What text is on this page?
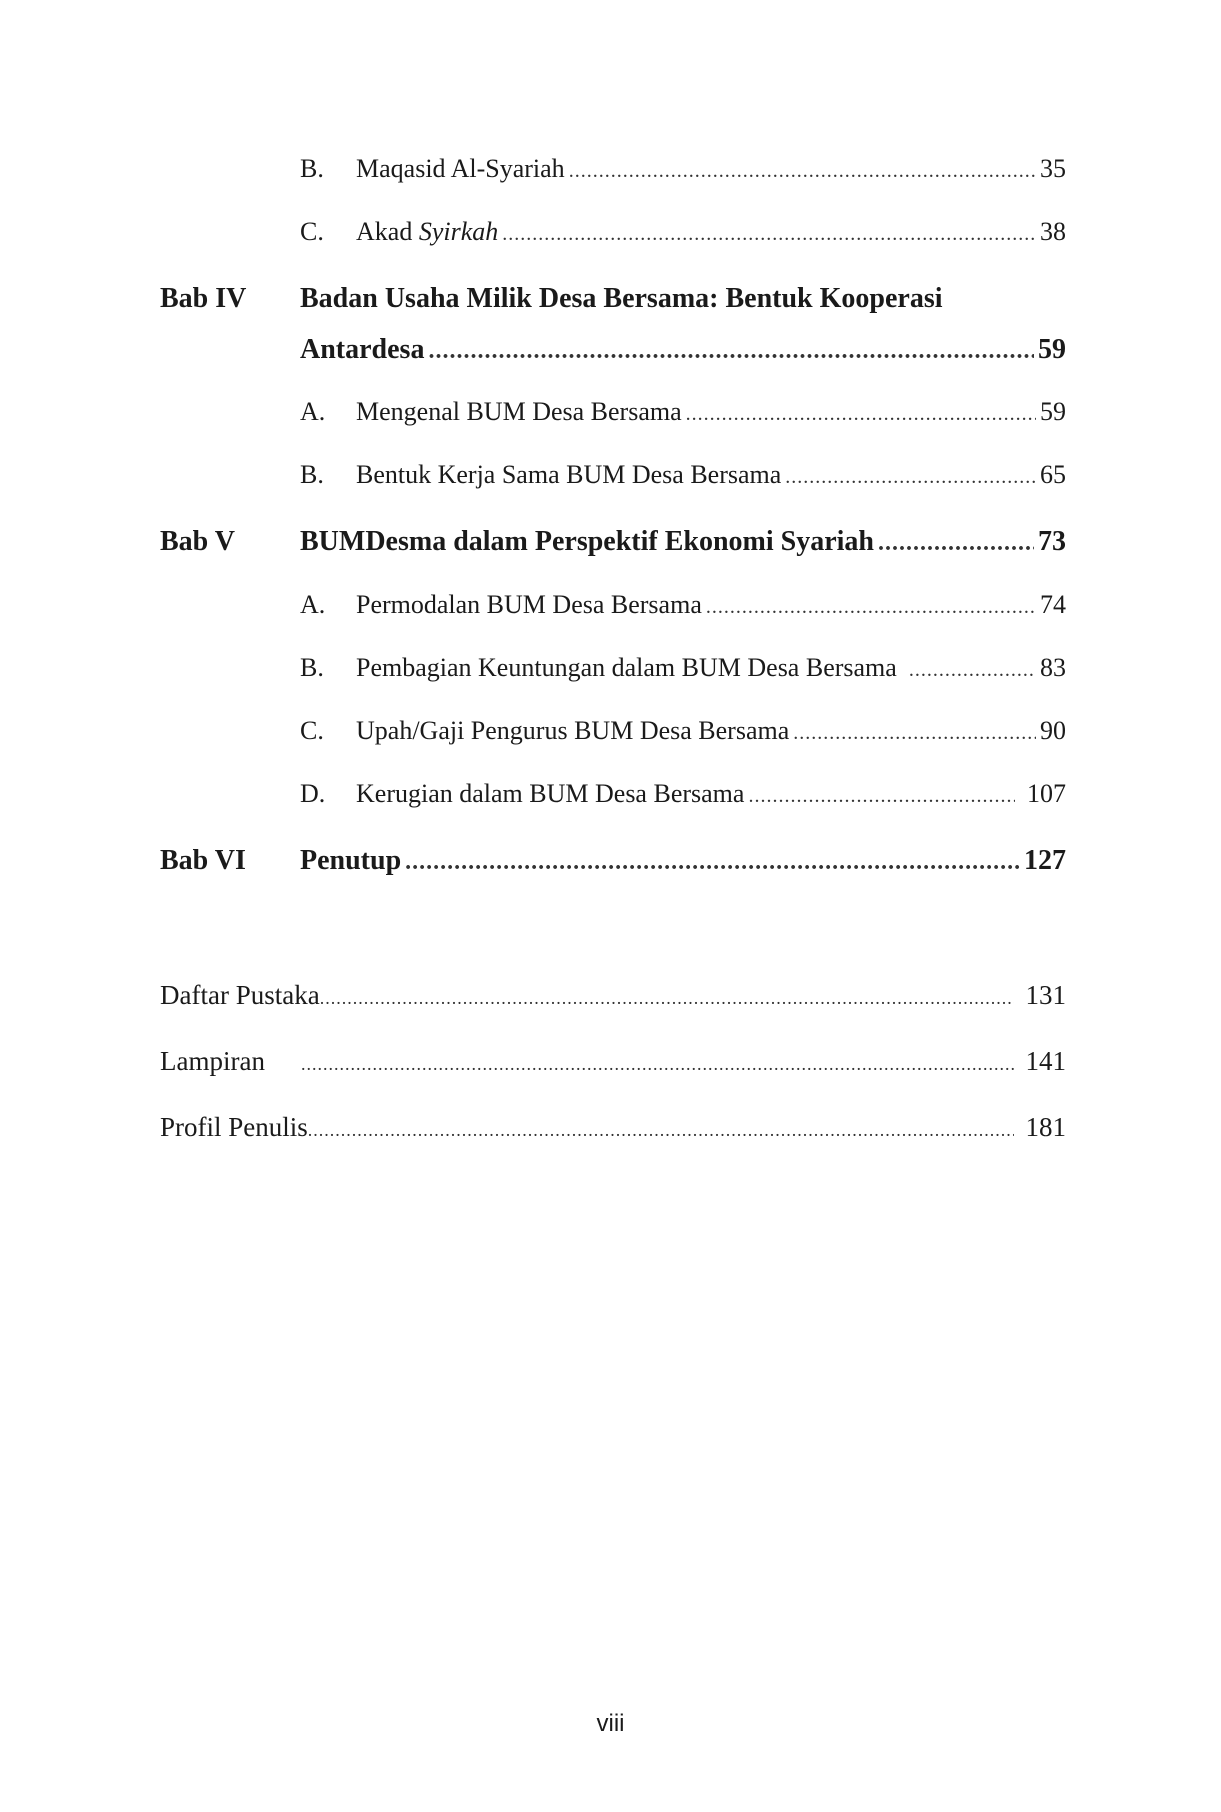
B.	Maqasid Al-Syariah .....	35
C.	Akad Syirkah .....	38
Bab IV Badan Usaha Milik Desa Bersama: Bentuk Kooperasi
Antardesa .....	59
A.	Mengenal BUM Desa Bersama .....	59
B.	Bentuk Kerja Sama BUM Desa Bersama .....	65
Bab V BUMDesma dalam Perspektif Ekonomi Syariah .....	73
A.	Permodalan BUM Desa Bersama .....	74
B.	Pembagian Keuntungan dalam BUM Desa Bersama .....	83
C.	Upah/Gaji Pengurus BUM Desa Bersama .....	90
D.	Kerugian dalam BUM Desa Bersama .....	107
Bab VI Penutup .....	127
Daftar Pustaka .....	131
Lampiran .....	141
Profil Penulis .....	181
viii
